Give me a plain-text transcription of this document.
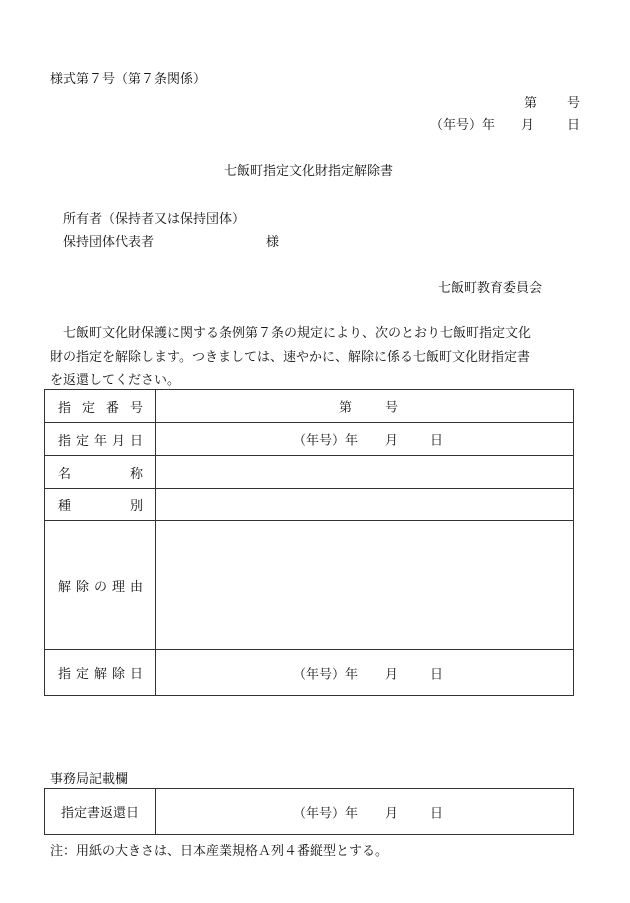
様式第７号（第７条関係）
第 号
（年号）年 月	日
七飯町指定文化財指定解除書
所有者（保持者又は保持団体）
保持団体代表者	様
七飯町教育委員会
七飯町文化財保護に関する条例第７条の規定により、次のとおり七飯町指定文化
財の指定を解除します。つきましては、速やかに、解除に係る七飯町文化財指定書
を返還してください。
指 定 番 号	第 号

指 定 年 月 日	（年号）年 月 日

名 称	

種 別	

解 除 の 理 由	

指 定 解 除 日	（年号）年 月 日
事務局記載欄
指定書返還日	（年号）年 月 日
注：用紙の大きさは、日本産業規格Ａ列４番縦型とする。
